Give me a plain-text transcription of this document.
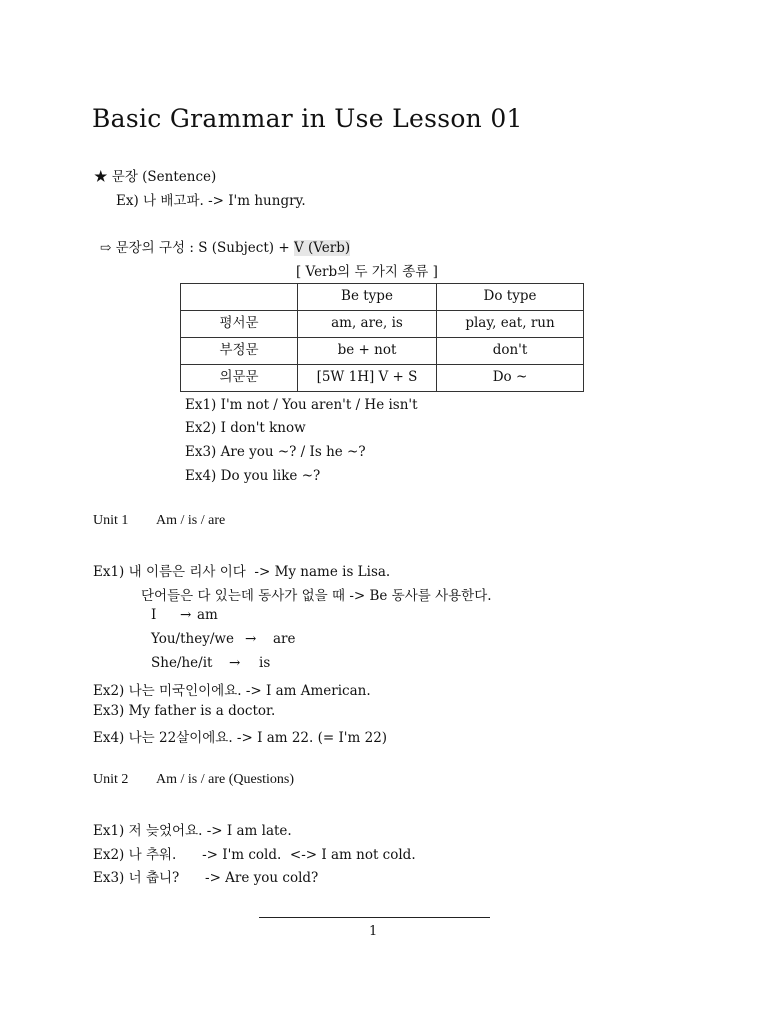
Basic Grammar in Use Lesson 01
★ 문장 (Sentence)
Ex) 나 배고파. -> I'm hungry.
⇨ 문장의 구성 : S (Subject) + V (Verb)
[ Verb의 두 가지 종류 ]
	Be type	Do type
평서문	am, are, is	play, eat, run
부정문	be + not	don't
의문문	[5W 1H] V + S	Do ~
Ex1) I'm not / You aren't / He isn't
Ex2) I don't know
Ex3) Are you ~? / Is he ~?
Ex4) Do you like ~?
Unit 1 Am / is / are
Ex1) 내 이름은 리사 이다  -> My name is Lisa.
단어들은 다 있는데 동사가 없을 때 -> Be 동사를 사용한다.
I → am
You/they/we → are
She/he/it → is
Ex2) 나는 미국인이에요. -> I am American.
Ex3) My father is a doctor.
Ex4) 나는 22살이에요. -> I am 22. (= I'm 22)
Unit 2 Am / is / are (Questions)
Ex1) 저 늦었어요. -> I am late.
Ex2) 나 추워.      -> I'm cold.  <-> I am not cold.
Ex3) 너 춥니?      -> Are you cold?
1
